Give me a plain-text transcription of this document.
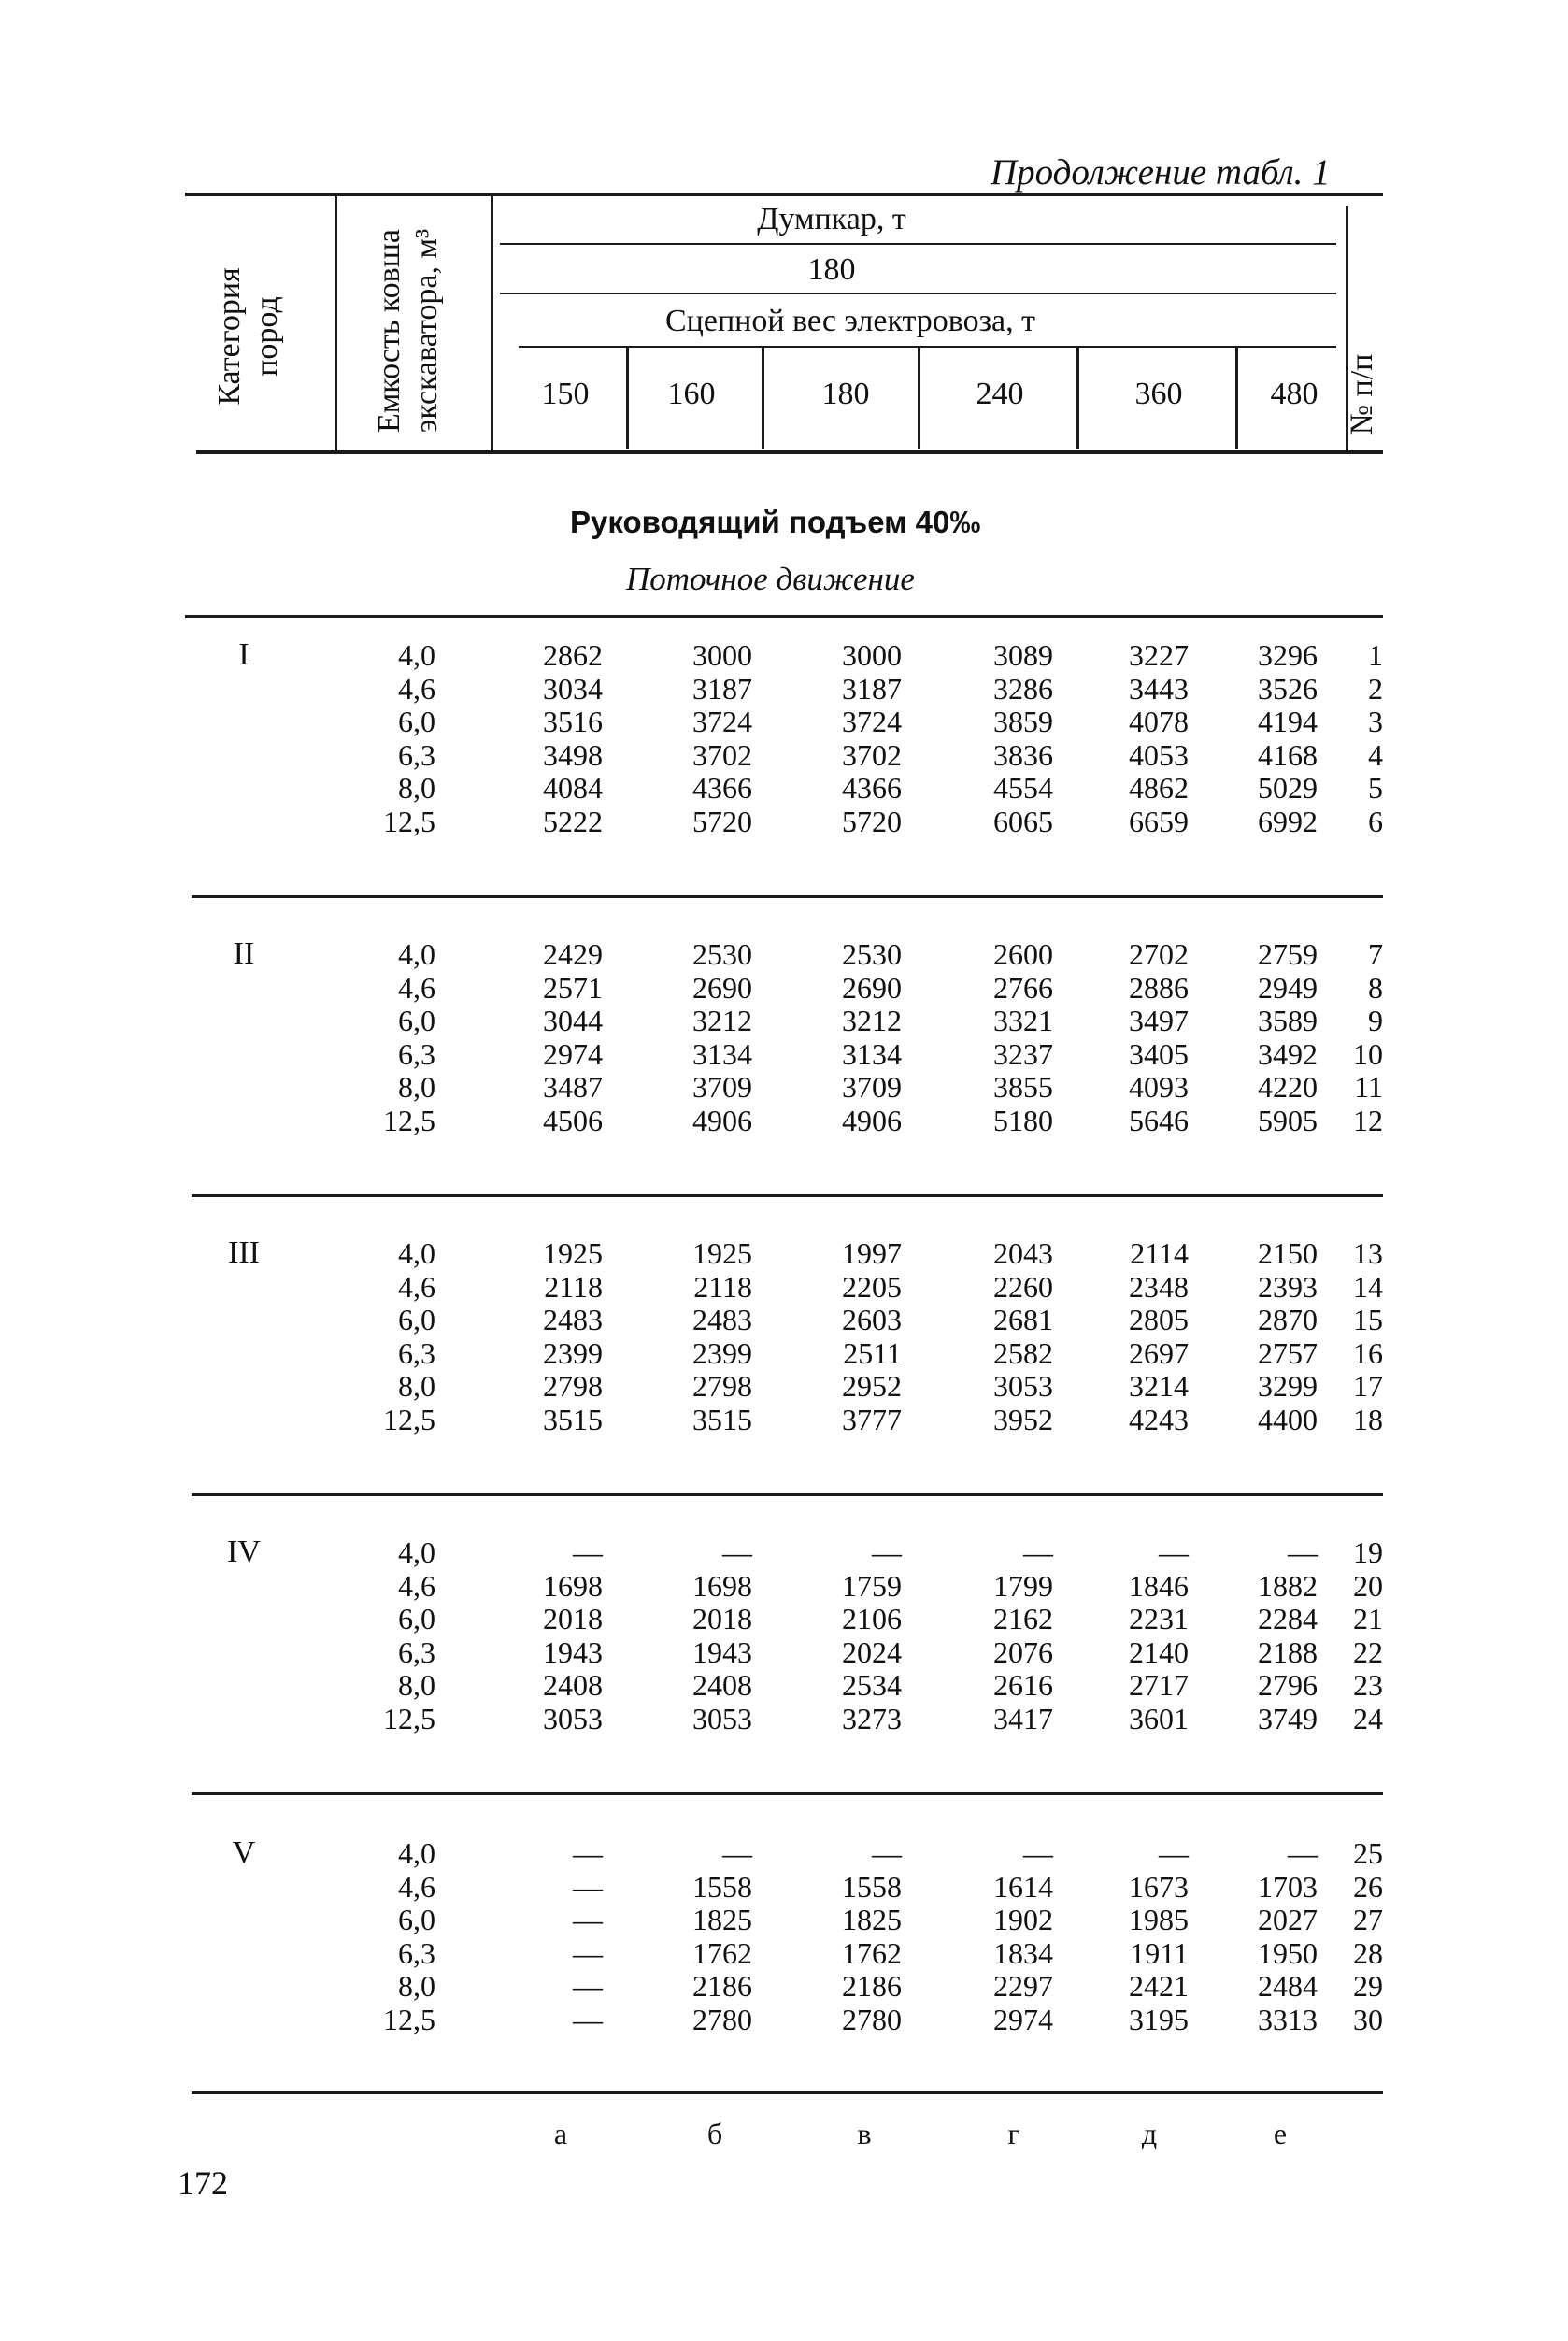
Продолжение табл. 1
Категория пород	Емкость ковша экскаватора, м³	№ п/п
Думпкар, т
180
Сцепной вес электровоза, т
150	160	180	240	360	480
Руководящий подъем 40‰
Поточное движение
I	4,0	2862	3000	3000	3089	3227	3296	1
4,6	3034	3187	3187	3286	3443	3526	2
6,0	3516	3724	3724	3859	4078	4194	3
6,3	3498	3702	3702	3836	4053	4168	4
8,0	4084	4366	4366	4554	4862	5029	5
12,5	5222	5720	5720	6065	6659	6992	6
II	4,0	2429	2530	2530	2600	2702	2759	7
4,6	2571	2690	2690	2766	2886	2949	8
6,0	3044	3212	3212	3321	3497	3589	9
6,3	2974	3134	3134	3237	3405	3492	10
8,0	3487	3709	3709	3855	4093	4220	11
12,5	4506	4906	4906	5180	5646	5905	12
III	4,0	1925	1925	1997	2043	2114	2150	13
4,6	2118	2118	2205	2260	2348	2393	14
6,0	2483	2483	2603	2681	2805	2870	15
6,3	2399	2399	2511	2582	2697	2757	16
8,0	2798	2798	2952	3053	3214	3299	17
12,5	3515	3515	3777	3952	4243	4400	18
IV	4,0	—	—	—	—	—	—	19
4,6	1698	1698	1759	1799	1846	1882	20
6,0	2018	2018	2106	2162	2231	2284	21
6,3	1943	1943	2024	2076	2140	2188	22
8,0	2408	2408	2534	2616	2717	2796	23
12,5	3053	3053	3273	3417	3601	3749	24
V	4,0	—	—	—	—	—	—	25
4,6	—	1558	1558	1614	1673	1703	26
6,0	—	1825	1825	1902	1985	2027	27
6,3	—	1762	1762	1834	1911	1950	28
8,0	—	2186	2186	2297	2421	2484	29
12,5	—	2780	2780	2974	3195	3313	30
а	б	в	г	д	е
172
